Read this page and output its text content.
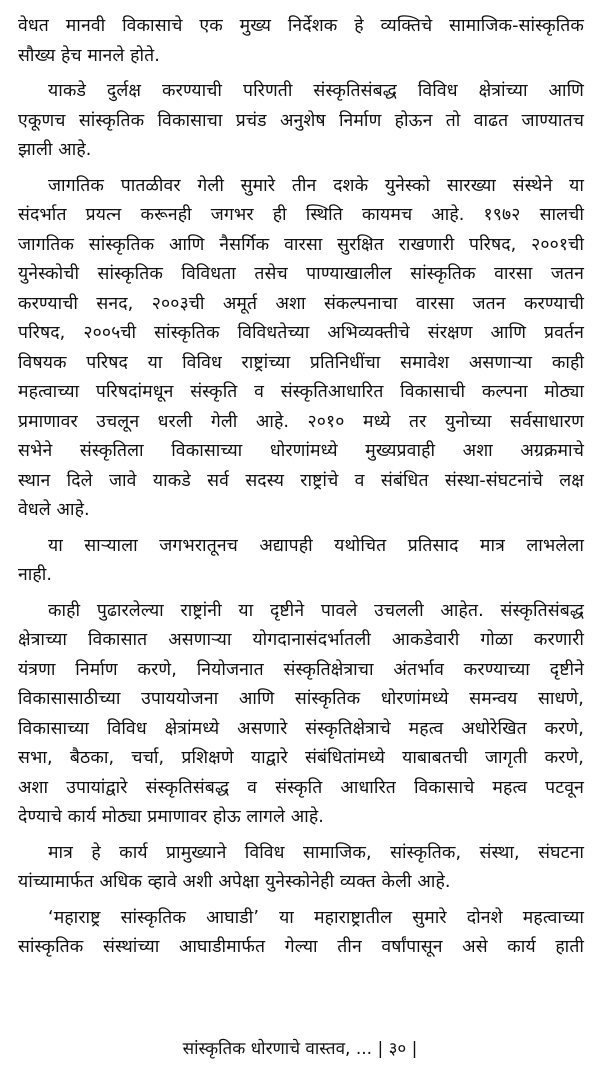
वेधत मानवी विकासाचे एक मुख्य निर्देशक हे व्यक्तिचे सामाजिक-सांस्कृतिक
सौख्य हेच मानले होते.
याकडे दुर्लक्ष करण्याची परिणती संस्कृतिसंबद्ध विविध क्षेत्रांच्या आणि
एकूणच सांस्कृतिक विकासाचा प्रचंड अनुशेष निर्माण होऊन तो वाढत जाण्यातच
झाली आहे.
जागतिक पातळीवर गेली सुमारे तीन दशके युनेस्को सारख्या संस्थेने या
संदर्भात प्रयत्न करूनही जगभर ही स्थिति कायमच आहे. १९७२ सालची
जागतिक सांस्कृतिक आणि नैसर्गिक वारसा सुरक्षित राखणारी परिषद, २००१ची
युनेस्कोची सांस्कृतिक विविधता तसेच पाण्याखालील सांस्कृतिक वारसा जतन
करण्याची सनद, २००३ची अमूर्त अशा संकल्पनाचा वारसा जतन करण्याची
परिषद, २००५ची सांस्कृतिक विविधतेच्या अभिव्यक्तीचे संरक्षण आणि प्रवर्तन
विषयक परिषद या विविध राष्ट्रांच्या प्रतिनिधींचा समावेश असणाऱ्या काही
महत्वाच्या परिषदांमधून संस्कृति व संस्कृतिआधारित विकासाची कल्पना मोठ्या
प्रमाणावर उचलून धरली गेली आहे. २०१० मध्ये तर युनोच्या सर्वसाधारण
सभेने संस्कृतिला विकासाच्या धोरणांमध्ये मुख्यप्रवाही अशा अग्रक्रमाचे
स्थान दिले जावे याकडे सर्व सदस्य राष्ट्रांचे व संबंधित संस्था-संघटनांचे लक्ष
वेधले आहे.
या साऱ्याला जगभरातूनच अद्यापही यथोचित प्रतिसाद मात्र लाभलेला
नाही.
काही पुढारलेल्या राष्ट्रांनी या दृष्टीने पावले उचलली आहेत. संस्कृतिसंबद्ध
क्षेत्राच्या विकासात असणाऱ्या योगदानासंदर्भातली आकडेवारी गोळा करणारी
यंत्रणा निर्माण करणे, नियोजनात संस्कृतिक्षेत्राचा अंतर्भाव करण्याच्या दृष्टीने
विकासासाठीच्या उपाययोजना आणि सांस्कृतिक धोरणांमध्ये समन्वय साधणे,
विकासाच्या विविध क्षेत्रांमध्ये असणारे संस्कृतिक्षेत्राचे महत्व अधोरेखित करणे,
सभा, बैठका, चर्चा, प्रशिक्षणे याद्वारे संबंधितांमध्ये याबाबतची जागृती करणे,
अशा उपायांद्वारे संस्कृतिसंबद्ध व संस्कृति आधारित विकासाचे महत्व पटवून
देण्याचे कार्य मोठ्या प्रमाणावर होऊ लागले आहे.
मात्र हे कार्य प्रामुख्याने विविध सामाजिक, सांस्कृतिक, संस्था, संघटना
यांच्यामार्फत अधिक व्हावे अशी अपेक्षा युनेस्कोनेही व्यक्त केली आहे.
‘महाराष्ट्र सांस्कृतिक आघाडी’ या महाराष्ट्रातील सुमारे दोनशे महत्वाच्या
सांस्कृतिक संस्थांच्या आघाडीमार्फत गेल्या तीन वर्षांपासून असे कार्य हाती
सांस्कृतिक धोरणाचे वास्तव, ... | ३० |
